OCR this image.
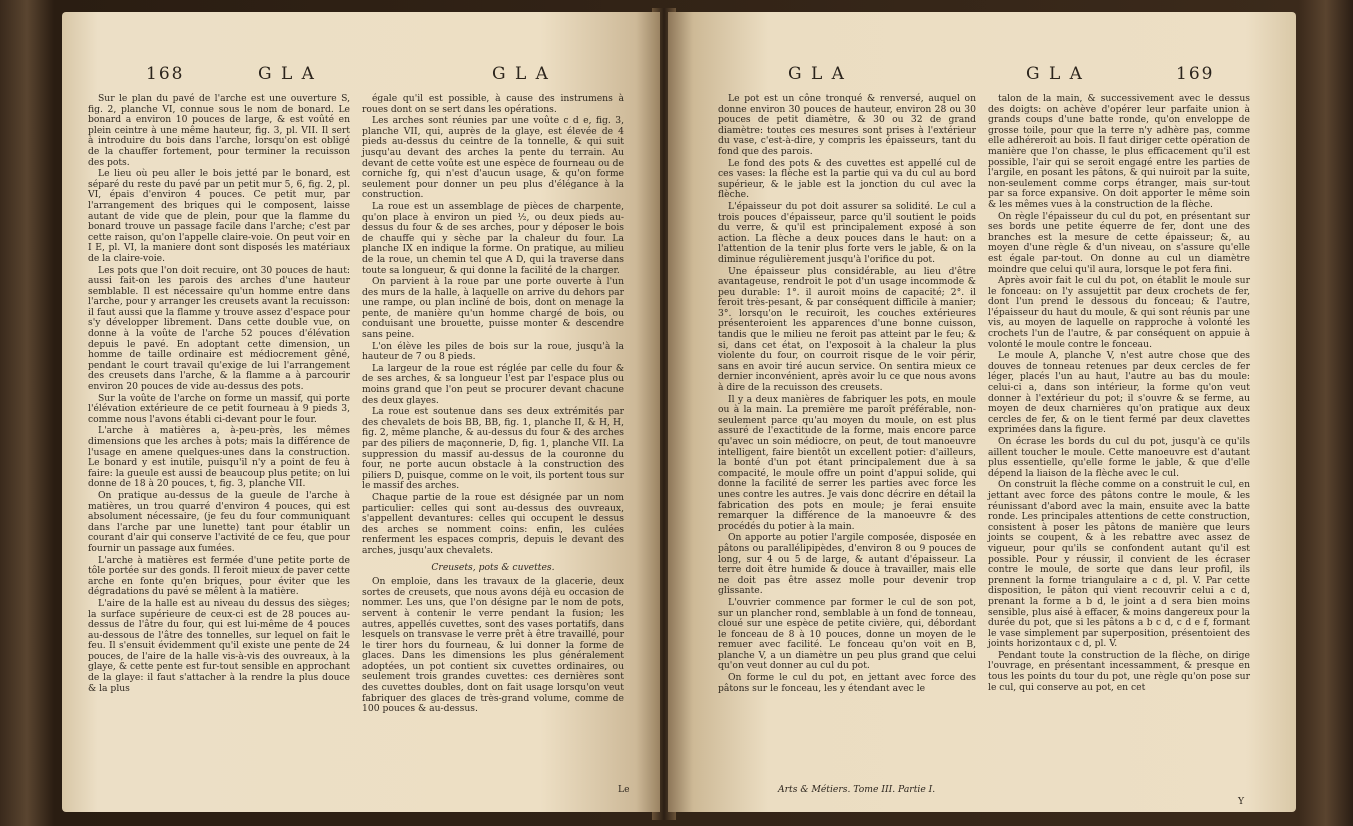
168	G L A	G L A

Sur le plan du pavé de l'arche est une ouverture S, fig. 2, planche VI, connue sous le nom de bonard. Le bonard a environ 10 pouces de large, & est voûté en plein ceintre à une même hauteur, fig. 3, pl. VII. Il sert à introduire du bois dans l'arche, lorsqu'on est obligé de la chauffer fortement, pour terminer la recuisson des pots.

Le lieu où peu aller le bois jetté par le bonard, est séparé du reste du pavé par un petit mur 5, 6, fig. 2, pl. VI, épais d'environ 4 pouces. Ce petit mur, par l'arrangement des briques qui le composent, laisse autant de vide que de plein, pour que la flamme du bonard trouve un passage facile dans l'arche; c'est par cette raison, qu'on l'appelle claire-voie. On peut voir en I E, pl. VI, la maniere dont sont disposés les matériaux de la claire-voie.

Les pots que l'on doit recuire, ont 30 pouces de haut: aussi fait-on les parois des arches d'une hauteur semblable. Il est nécessaire qu'un homme entre dans l'arche, pour y arranger les creusets avant la recuisson: il faut aussi que la flamme y trouve assez d'espace pour s'y développer librement. Dans cette double vue, on donne à la voûte de l'arche 52 pouces d'élévation depuis le pavé. En adoptant cette dimension, un homme de taille ordinaire est médiocrement gêné, pendant le court travail qu'exige de lui l'arrangement des creusets dans l'arche, & la flamme a à parcourir environ 20 pouces de vide au-dessus des pots.

Sur la voûte de l'arche on forme un massif, qui porte l'élévation extérieure de ce petit fourneau à 9 pieds 3, comme nous l'avons établi ci-devant pour le four.

L'arche à matières a, à-peu-près, les mêmes dimensions que les arches à pots; mais la différence de l'usage en amene quelques-unes dans la construction. Le bonard y est inutile, puisqu'il n'y a point de feu à faire: la gueule est aussi de beaucoup plus petite; on lui donne de 18 à 20 pouces, t, fig. 3, planche VII.

On pratique au-dessus de la gueule de l'arche à matières, un trou quarré d'environ 4 pouces, qui est absolument nécessaire, (je feu du four communiquant dans l'arche par une lunette) tant pour établir un courant d'air qui conserve l'activité de ce feu, que pour fournir un passage aux fumées.

L'arche à matières est fermée d'une petite porte de tôle portée sur des gonds. Il feroit mieux de paver cette arche en fonte qu'en briques, pour éviter que les dégradations du pavé se mêlent à la matière.

L'aire de la halle est au niveau du dessus des sièges; la surface supérieure de ceux-ci est de 28 pouces au-dessus de l'âtre du four, qui est lui-même de 4 pouces au-dessous de l'âtre des tonnelles, sur lequel on fait le feu. Il s'ensuit évidemment qu'il existe une pente de 24 pouces, de l'aire de la halle vis-à-vis des ouvreaux, à la glaye, & cette pente est fur-tout sensible en approchant de la glaye: il faut s'attacher à la rendre la plus douce & la plus

égale qu'il est possible, à cause des instrumens à roues dont on se sert dans les opérations.

Les arches sont réunies par une voûte c d e, fig. 3, planche VII, qui, auprès de la glaye, est élevée de 4 pieds au-dessus du ceintre de la tonnelle, & qui suit jusqu'au devant des arches la pente du terrain. Au devant de cette voûte est une espèce de fourneau ou de corniche fg, qui n'est d'aucun usage, & qu'on forme seulement pour donner un peu plus d'élégance à la construction.

La roue est un assemblage de pièces de charpente, qu'on place à environ un pied ½, ou deux pieds au-dessus du four & de ses arches, pour y déposer le bois de chauffe qui y sèche par la chaleur du four. La planche IX en indique la forme. On pratique, au milieu de la roue, un chemin tel que A D, qui la traverse dans toute sa longueur, & qui donne la facilité de la charger.

On parvient à la roue par une porte ouverte à l'un des murs de la halle, à laquelle on arrive du dehors par une rampe, ou plan incliné de bois, dont on menage la pente, de manière qu'un homme chargé de bois, ou conduisant une brouette, puisse monter & descendre sans peine.

L'on élève les piles de bois sur la roue, jusqu'à la hauteur de 7 ou 8 pieds.

La largeur de la roue est réglée par celle du four & de ses arches, & sa longueur l'est par l'espace plus ou moins grand que l'on peut se procurer devant chacune des deux glayes.

La roue est soutenue dans ses deux extrémités par des chevalets de bois BB, BB, fig. 1, planche II, & H, H, fig. 2, même planche, & au-dessus du four & des arches par des piliers de maçonnerie, D, fig. 1, planche VII. La suppression du massif au-dessus de la couronne du four, ne porte aucun obstacle à la construction des piliers D, puisque, comme on le voit, ils portent tous sur le massif des arches.

Chaque partie de la roue est désignée par un nom particulier: celles qui sont au-dessus des ouvreaux, s'appellent devantures: celles qui occupent le dessus des arches se nomment coins: enfin, les culées renferment les espaces compris, depuis le devant des arches, jusqu'aux chevalets.

Creusets, pots & cuvettes.

On emploie, dans les travaux de la glacerie, deux sortes de creusets, que nous avons déjà eu occasion de nommer. Les uns, que l'on désigne par le nom de pots, servent à contenir le verre pendant la fusion; les autres, appellés cuvettes, sont des vases portatifs, dans lesquels on transvase le verre prêt à être travaillé, pour le tirer hors du fourneau, & lui donner la forme de glaces. Dans les dimensions les plus généralement adoptées, un pot contient six cuvettes ordinaires, ou seulement trois grandes cuvettes: ces dernières sont des cuvettes doubles, dont on fait usage lorsqu'on veut fabriquer des glaces de très-grand volume, comme de 100 pouces & au-dessus.

Le
G L A	G L A	169

Le pot est un cône tronqué & renversé, auquel on donne environ 30 pouces de hauteur, environ 28 ou 30 pouces de petit diamètre, & 30 ou 32 de grand diamètre: toutes ces mesures sont prises à l'extérieur du vase, c'est-à-dire, y compris les épaisseurs, tant du fond que des parois.

Le fond des pots & des cuvettes est appellé cul de ces vases: la flèche est la partie qui va du cul au bord supérieur, & le jable est la jonction du cul avec la flèche.

L'épaisseur du pot doit assurer sa solidité. Le cul a trois pouces d'épaisseur, parce qu'il soutient le poids du verre, & qu'il est principalement exposé à son action. La flèche a deux pouces dans le haut: on a l'attention de la tenir plus forte vers le jable, & on la diminue régulièrement jusqu'à l'orifice du pot.

Une épaisseur plus considérable, au lieu d'être avantageuse, rendroit le pot d'un usage incommode & peu durable: 1°. il auroit moins de capacité; 2°. il feroit très-pesant, & par conséquent difficile à manier; 3°. lorsqu'on le recuiroit, les couches extérieures présenteroient les apparences d'une bonne cuisson, tandis que le milieu ne feroit pas atteint par le feu; & si, dans cet état, on l'exposoit à la chaleur la plus violente du four, on courroit risque de le voir périr, sans en avoir tiré aucun service. On sentira mieux ce dernier inconvénient, après avoir lu ce que nous avons à dire de la recuisson des creusets.

Il y a deux manières de fabriquer les pots, en moule ou à la main. La première me paroît préférable, non-seulement parce qu'au moyen du moule, on est plus assuré de l'exactitude de la forme, mais encore parce qu'avec un soin médiocre, on peut, de tout manoeuvre intelligent, faire bientôt un excellent potier: d'ailleurs, la bonté d'un pot étant principalement due à sa compacité, le moule offre un point d'appui solide, qui donne la facilité de serrer les parties avec force les unes contre les autres. Je vais donc décrire en détail la fabrication des pots en moule; je ferai ensuite remarquer la différence de la manoeuvre & des procédés du potier à la main.

On apporte au potier l'argile composée, disposée en pâtons ou parallélipipèdes, d'environ 8 ou 9 pouces de long, sur 4 ou 5 de large, & autant d'épaisseur. La terre doit être humide & douce à travailler, mais elle ne doit pas être assez molle pour devenir trop glissante.

L'ouvrier commence par former le cul de son pot, sur un plancher rond, semblable à un fond de tonneau, cloué sur une espèce de petite civière, qui, débordant le fonceau de 8 à 10 pouces, donne un moyen de le remuer avec facilité. Le fonceau qu'on voit en B, planche V, a un diamètre un peu plus grand que celui qu'on veut donner au cul du pot.

On forme le cul du pot, en jettant avec force des pâtons sur le fonceau, les y étendant avec le

talon de la main, & successivement avec le dessus des doigts: on achève d'opérer leur parfaite union à grands coups d'une batte ronde, qu'on enveloppe de grosse toile, pour que la terre n'y adhère pas, comme elle adhéreroit au bois. Il faut diriger cette opération de manière que l'on chasse, le plus efficacement qu'il est possible, l'air qui se seroit engagé entre les parties de l'argile, en posant les pâtons, & qui nuiroit par la suite, non-seulement comme corps étranger, mais sur-tout par sa force expansive. On doit apporter le même soin & les mêmes vues à la construction de la flèche.

On règle l'épaisseur du cul du pot, en présentant sur ses bords une petite équerre de fer, dont une des branches est la mesure de cette épaisseur; &, au moyen d'une règle & d'un niveau, on s'assure qu'elle est égale par-tout. On donne au cul un diamètre moindre que celui qu'il aura, lorsque le pot fera fini.

Après avoir fait le cul du pot, on établit le moule sur le fonceau: on l'y assujettit par deux crochets de fer, dont l'un prend le dessous du fonceau; & l'autre, l'épaisseur du haut du moule, & qui sont réunis par une vis, au moyen de laquelle on rapproche à volonté les crochets l'un de l'autre, & par conséquent on appuie à volonté le moule contre le fonceau.

Le moule A, planche V, n'est autre chose que des douves de tonneau retenues par deux cercles de fer léger, placés l'un au haut, l'autre au bas du moule: celui-ci a, dans son intérieur, la forme qu'on veut donner à l'extérieur du pot; il s'ouvre & se ferme, au moyen de deux charnières qu'on pratique aux deux cercles de fer, & on le tient fermé par deux clavettes exprimées dans la figure.

On écrase les bords du cul du pot, jusqu'à ce qu'ils aillent toucher le moule. Cette manoeuvre est d'autant plus essentielle, qu'elle forme le jable, & que d'elle dépend la liaison de la flèche avec le cul.

On construit la flèche comme on a construit le cul, en jettant avec force des pâtons contre le moule, & les réunissant d'abord avec la main, ensuite avec la batte ronde. Les principales attentions de cette construction, consistent à poser les pâtons de manière que leurs joints se coupent, & à les rebattre avec assez de vigueur, pour qu'ils se confondent autant qu'il est possible. Pour y réussir, il convient de les écraser contre le moule, de sorte que dans leur profil, ils prennent la forme triangulaire a c d, pl. V. Par cette disposition, le pâton qui vient recouvrir celui a c d, prenant la forme a b d, le joint a d sera bien moins sensible, plus aisé à effacer, & moins dangereux pour la durée du pot, que si les pâtons a b c d, c d e f, formant le vase simplement par superposition, présentoient des joints horizontaux c d, pl. V.

Pendant toute la construction de la flèche, on dirige l'ouvrage, en présentant incessamment, & presque en tous les points du tour du pot, une règle qu'on pose sur le cul, qui conserve au pot, en cet

Arts & Métiers. Tome III. Partie I.
Y
